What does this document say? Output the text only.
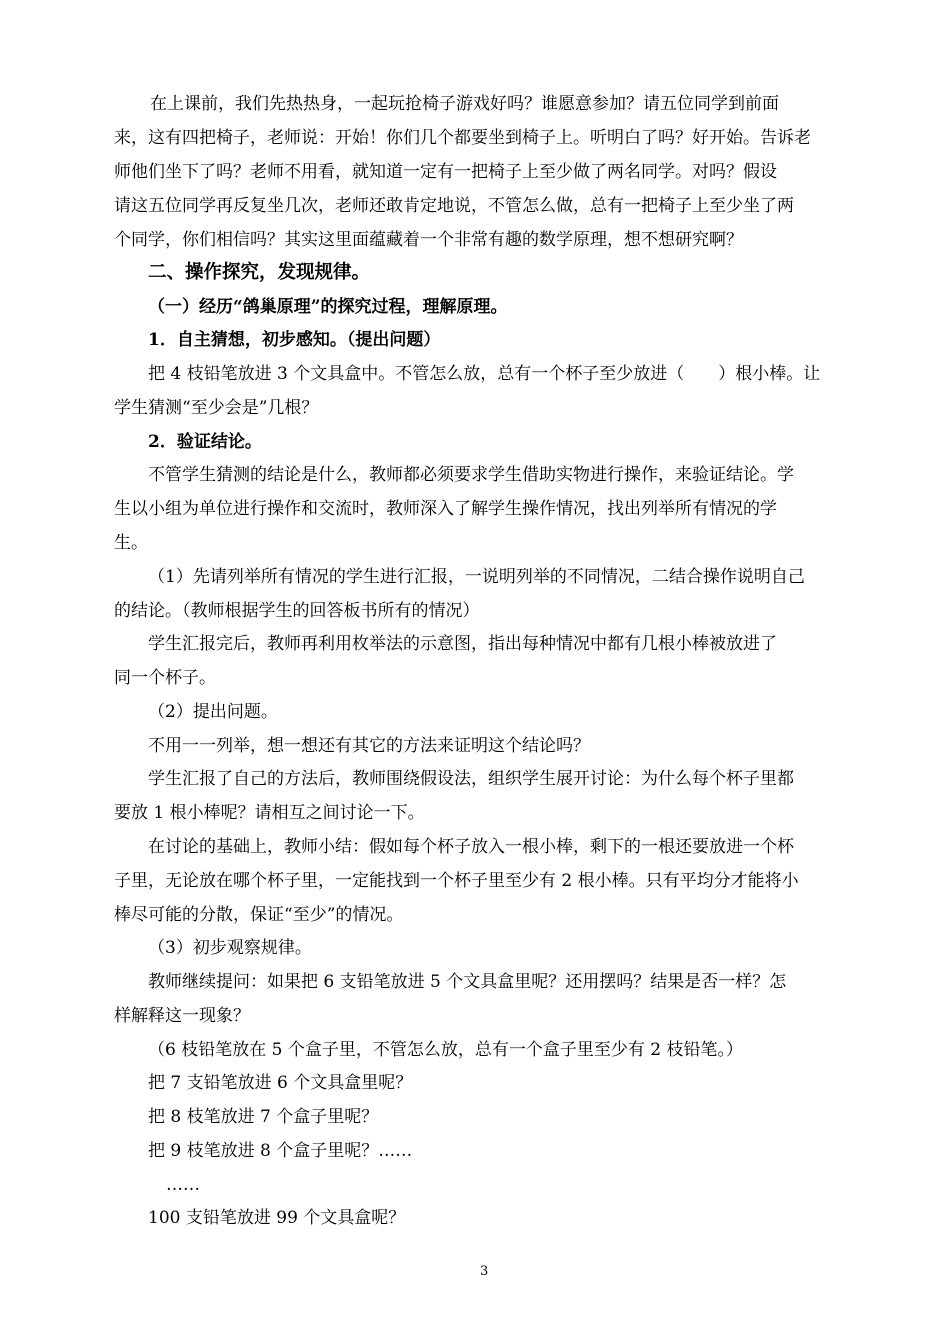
在上课前，我们先热热身，一起玩抢椅子游戏好吗？谁愿意参加？请五位同学到前面
来，这有四把椅子，老师说：开始！你们几个都要坐到椅子上。听明白了吗？好开始。告诉老
师他们坐下了吗？老师不用看，就知道一定有一把椅子上至少做了两名同学。对吗？假设
请这五位同学再反复坐几次，老师还敢肯定地说，不管怎么做，总有一把椅子上至少坐了两
个同学，你们相信吗？其实这里面蕴藏着一个非常有趣的数学原理，想不想研究啊？
二、操作探究，发现规律。
（一）经历“鸽巢原理”的探究过程，理解原理。
1．自主猜想，初步感知。（提出问题）
把 4 枝铅笔放进 3 个文具盒中。不管怎么放，总有一个杯子至少放进（　　）根小棒。让
学生猜测“至少会是”几根？
2．验证结论。
不管学生猜测的结论是什么，教师都必须要求学生借助实物进行操作，来验证结论。学
生以小组为单位进行操作和交流时，教师深入了解学生操作情况，找出列举所有情况的学
生。
（1）先请列举所有情况的学生进行汇报，一说明列举的不同情况，二结合操作说明自己
的结论。（教师根据学生的回答板书所有的情况）
学生汇报完后，教师再利用枚举法的示意图，指出每种情况中都有几根小棒被放进了
同一个杯子。
（2）提出问题。
不用一一列举，想一想还有其它的方法来证明这个结论吗？
学生汇报了自己的方法后，教师围绕假设法，组织学生展开讨论：为什么每个杯子里都
要放 1 根小棒呢？请相互之间讨论一下。
在讨论的基础上，教师小结：假如每个杯子放入一根小棒，剩下的一根还要放进一个杯
子里，无论放在哪个杯子里，一定能找到一个杯子里至少有 2 根小棒。只有平均分才能将小
棒尽可能的分散，保证“至少”的情况。
（3）初步观察规律。
教师继续提问：如果把 6 支铅笔放进 5 个文具盒里呢？还用摆吗？结果是否一样？怎
样解释这一现象？
（6 枝铅笔放在 5 个盒子里，不管怎么放，总有一个盒子里至少有 2 枝铅笔。）
把 7 支铅笔放进 6 个文具盒里呢？
把 8 枝笔放进 7 个盒子里呢？
把 9 枝笔放进 8 个盒子里呢？……
……
100 支铅笔放进 99 个文具盒呢？
3
